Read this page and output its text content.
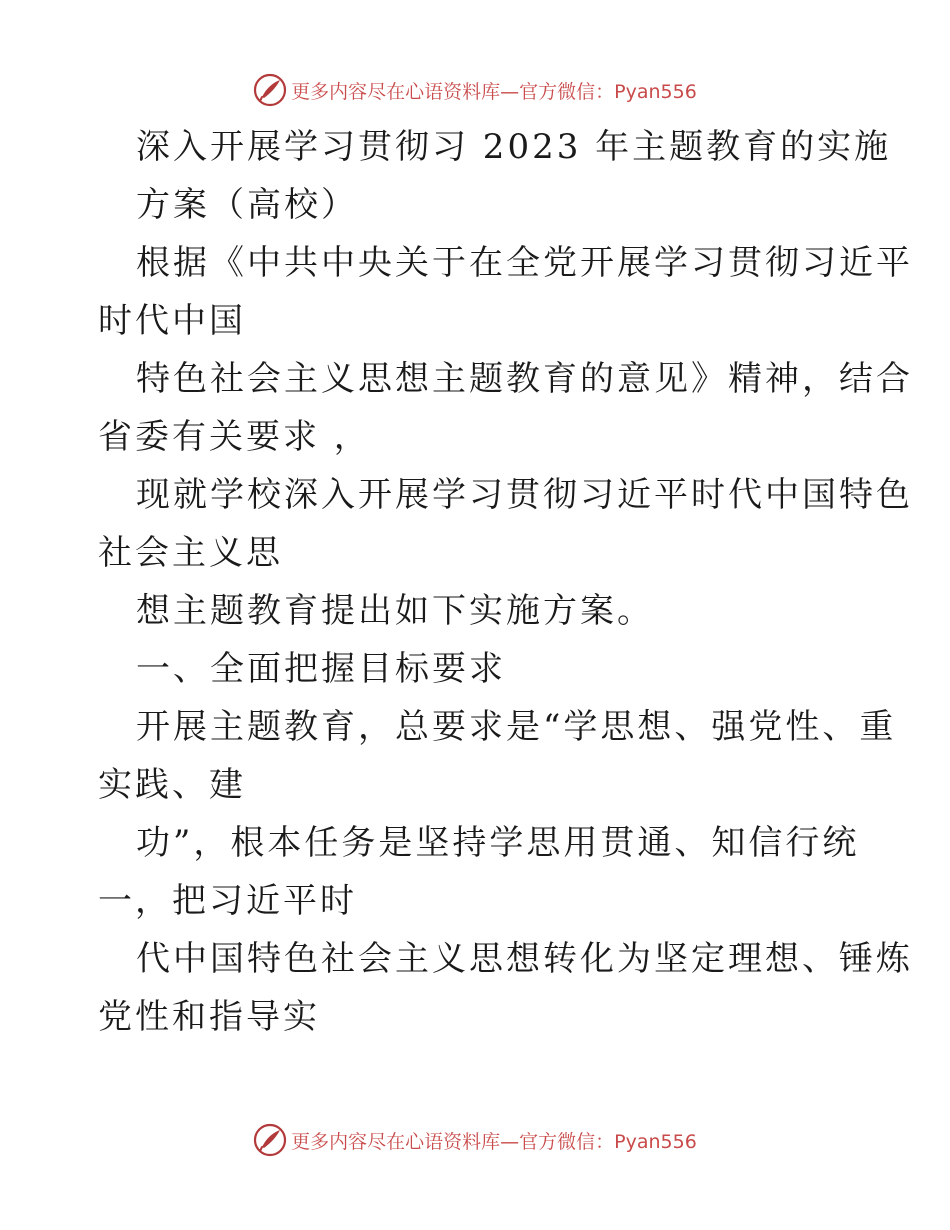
更多内容尽在心语资料库—官方微信：Pyan556
深入开展学习贯彻习 2023 年主题教育的实施
方案（高校）
根据《中共中央关于在全党开展学习贯彻习近平
时代中国
特色社会主义思想主题教育的意见》精神，结合
省委有关要求 ，
现就学校深入开展学习贯彻习近平时代中国特色
社会主义思
想主题教育提出如下实施方案。
一、全面把握目标要求
开展主题教育，总要求是“学思想、强党性、重
实践、建
功”，根本任务是坚持学思用贯通、知信行统
一，把习近平时
代中国特色社会主义思想转化为坚定理想、锤炼
党性和指导实
更多内容尽在心语资料库—官方微信：Pyan556
